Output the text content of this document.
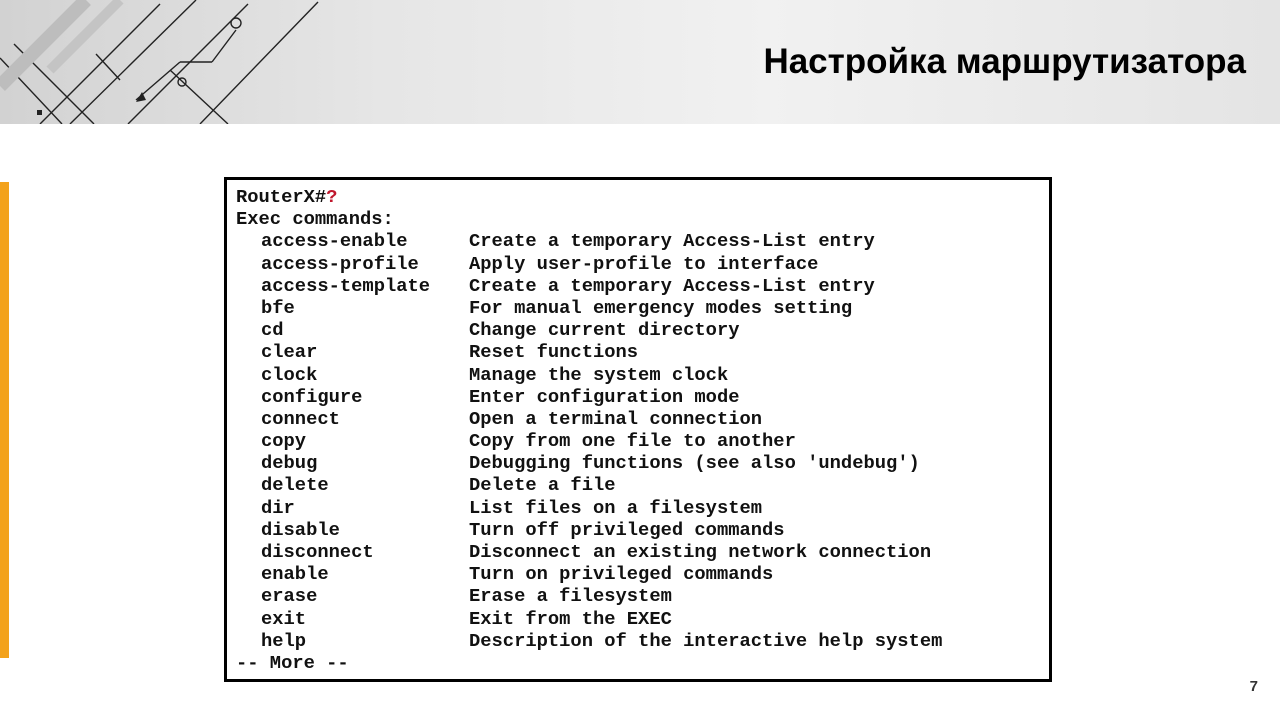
Настройка маршрутизатора
RouterX#?
Exec commands:
access-enable	Create a temporary Access-List entry
access-profile	Apply user-profile to interface
access-template	Create a temporary Access-List entry
bfe	For manual emergency modes setting
cd	Change current directory
clear	Reset functions
clock	Manage the system clock
configure	Enter configuration mode
connect	Open a terminal connection
copy	Copy from one file to another
debug	Debugging functions (see also 'undebug')
delete	Delete a file
dir	List files on a filesystem
disable	Turn off privileged commands
disconnect	Disconnect an existing network connection
enable	Turn on privileged commands
erase	Erase a filesystem
exit	Exit from the EXEC
help	Description of the interactive help system
-- More --
7
